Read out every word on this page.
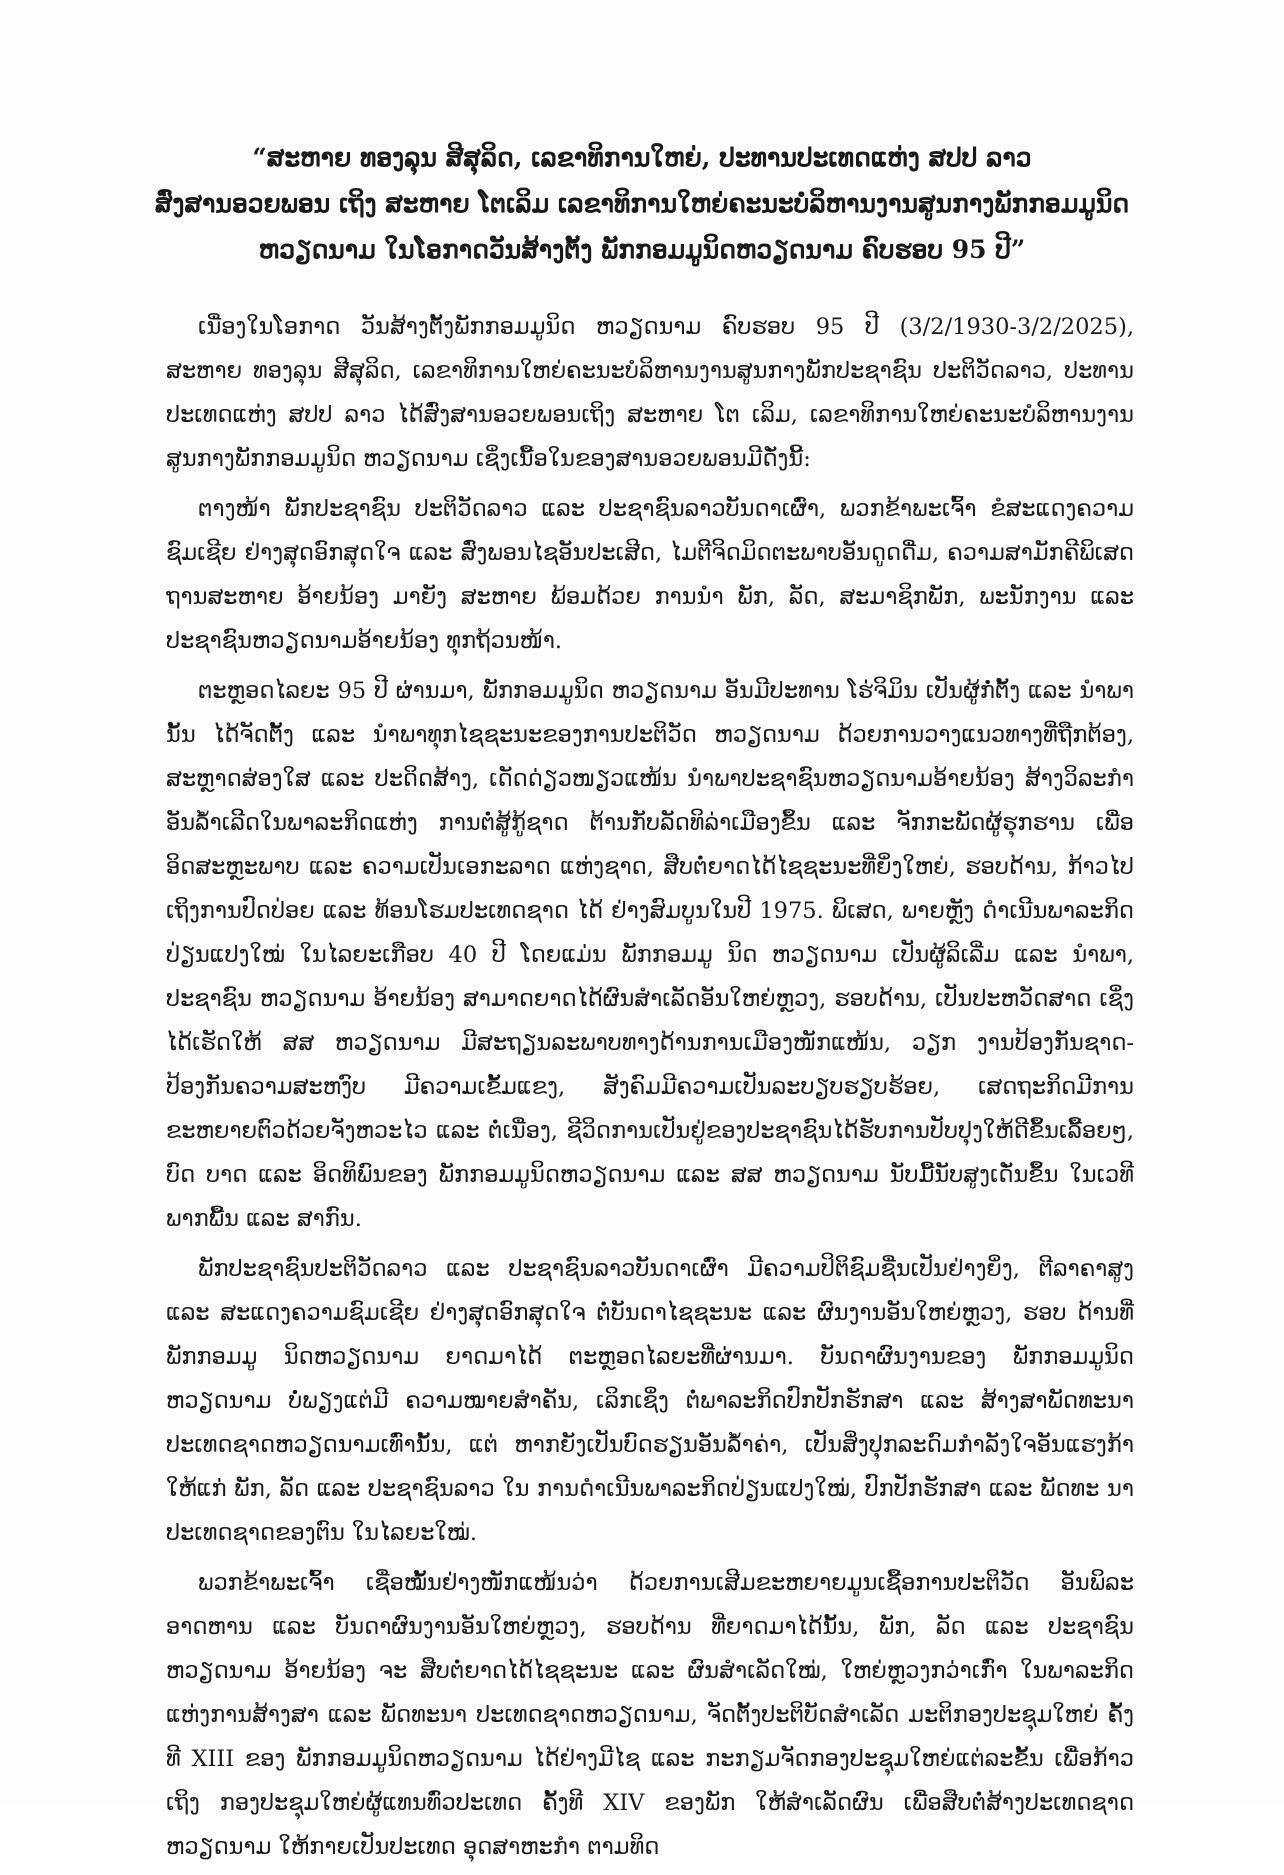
“ສະຫາຍ ທອງລຸນ ສີສຸລິດ, ເລຂາທິການໃຫຍ່, ປະທານປະເທດແຫ່ງ ສປປ ລາວ
ສົ່ງສານອວຍພອນ ເຖິງ ສະຫາຍ ໂຕເລິມ ເລຂາທິການໃຫຍ່ຄະນະບໍລິຫານງານສູນກາງພັກກອມມູນິດ
ຫວຽດນາມ ໃນໂອກາດວັນສ້າງຕັ້ງ ພັກກອມມູນິດຫວຽດນາມ ຄົບຮອບ 95 ປີ”

ເນື່ອງໃນໂອກາດ ວັນສ້າງຕັ້ງພັກກອມມູນິດ ຫວຽດນາມ ຄົບຮອບ 95 ປີ (3/2/1930-3/2/2025), ສະຫາຍ ທອງລຸນ ສີສຸລິດ, ເລຂາທິການໃຫຍ່ຄະນະບໍລິຫານງານສູນກາງພັກປະຊາຊົນ ປະຕິວັດລາວ, ປະທານປະເທດແຫ່ງ ສປປ ລາວ ໄດ້ສົ່ງສານອວຍພອນເຖິງ ສະຫາຍ ໂຕ ເລິມ, ເລຂາທິການໃຫຍ່ຄະນະບໍລິຫານງານສູນກາງພັກກອມມູນິດ ຫວຽດນາມ ເຊິ່ງເນື້ອໃນຂອງສານອວຍພອນມີດັ່ງນີ້:

ຕາງໜ້າ ພັກປະຊາຊົນ ປະຕິວັດລາວ ແລະ ປະຊາຊົນລາວບັນດາເຜົ່າ, ພວກຂ້າພະເຈົ້າ ຂໍສະແດງຄວາມຊົມເຊີຍ ຢ່າງສຸດອົກສຸດໃຈ ແລະ ສົ່ງພອນໄຊອັນປະເສີດ, ໄມຕີຈິດມິດຕະພາບອັນດູດດື່ມ, ຄວາມສາມັກຄີພິເສດ ຖານສະຫາຍ ອ້າຍນ້ອງ ມາຍັງ ສະຫາຍ ພ້ອມດ້ວຍ ການນຳ ພັກ, ລັດ, ສະມາຊິກພັກ, ພະນັກງານ ແລະ ປະຊາຊົນຫວຽດນາມອ້າຍນ້ອງ ທຸກຖ້ວນໜ້າ.

ຕະຫຼອດໄລຍະ 95 ປີ ຜ່ານມາ, ພັກກອມມູນິດ ຫວຽດນາມ ອັນມີປະທານ ໂຮ່ຈິມິນ ເປັນຜູ້ກໍ່ຕັ້ງ ແລະ ນຳພານັ້ນ ໄດ້ຈັດຕັ້ງ ແລະ ນຳພາທຸກໄຊຊະນະຂອງການປະຕິວັດ ຫວຽດນາມ ດ້ວຍການວາງແນວທາງທີ່ຖືກຕ້ອງ, ສະຫຼາດສ່ອງໃສ ແລະ ປະດິດສ້າງ, ເດັດດ່ຽວໜຽວແໜ້ນ ນຳພາປະຊາຊົນຫວຽດນາມອ້າຍນ້ອງ ສ້າງວິລະກຳອັນລ້ຳເລີດໃນພາລະກິດແຫ່ງ ການຕໍ່ສູ້ກູ້ຊາດ ຕ້ານກັບລັດທິລ່າເມືອງຂຶ້ນ ແລະ ຈັກກະພັດຜູ້ຮຸກຮານ ເພື່ອອິດສະຫຼະພາບ ແລະ ຄວາມເປັນເອກະລາດ ແຫ່ງຊາດ, ສືບຕໍ່ຍາດໄດ້ໄຊຊະນະທີ່ຍິ່ງໃຫຍ່, ຮອບດ້ານ, ກ້າວໄປເຖິງການປົດປ່ອຍ ແລະ ທ້ອນໂຮມປະເທດຊາດ ໄດ້ ຢ່າງສົມບູນໃນປີ 1975. ພິເສດ, ພາຍຫຼັງ ດຳເນີນພາລະກິດປ່ຽນແປງໃໝ່ ໃນໄລຍະເກືອບ 40 ປີ ໂດຍແມ່ນ ພັກກອມມູ ນິດ ຫວຽດນາມ ເປັນຜູ້ລິເລີ່ມ ແລະ ນຳພາ, ປະຊາຊົນ ຫວຽດນາມ ອ້າຍນ້ອງ ສາມາດຍາດໄດ້ຜົນສຳເລັດອັນໃຫຍ່ຫຼວງ, ຮອບດ້ານ, ເປັນປະຫວັດສາດ ເຊິ່ງໄດ້ເຮັດໃຫ້ ສສ ຫວຽດນາມ ມີສະຖຽນລະພາບທາງດ້ານການເມືອງໜັກແໜ້ນ, ວຽກ ງານປ້ອງກັນຊາດ-ປ້ອງກັນຄວາມສະຫງົບ ມີຄວາມເຂັ້ມແຂງ, ສັງຄົມມີຄວາມເປັນລະບຽບຮຽບຮ້ອຍ, ເສດຖະກິດມີການ ຂະຫຍາຍຕົວດ້ວຍຈັງຫວະໄວ ແລະ ຕໍ່ເນື່ອງ, ຊີວິດການເປັນຢູ່ຂອງປະຊາຊົນໄດ້ຮັບການປັບປຸງໃຫ້ດີຂຶ້ນເລື້ອຍໆ, ບົດ ບາດ ແລະ ອິດທິພົນຂອງ ພັກກອມມູນິດຫວຽດນາມ ແລະ ສສ ຫວຽດນາມ ນັບມື້ນັບສູງເດັ່ນຂຶ້ນ ໃນເວທີພາກພື້ນ ແລະ ສາກົນ.

ພັກປະຊາຊົນປະຕິວັດລາວ ແລະ ປະຊາຊົນລາວບັນດາເຜົ່າ ມີຄວາມປິຕິຊົມຊື່ນເປັນຢ່າງຍິ່ງ, ຕີລາຄາສູງ ແລະ ສະແດງຄວາມຊົມເຊີຍ ຢ່າງສຸດອົກສຸດໃຈ ຕໍ່ບັນດາໄຊຊະນະ ແລະ ຜົນງານອັນໃຫຍ່ຫຼວງ, ຮອບ ດ້ານທີ່ ພັກກອມມູ ນິດຫວຽດນາມ ຍາດມາໄດ້ ຕະຫຼອດໄລຍະທີ່ຜ່ານມາ. ບັນດາຜົນງານຂອງ ພັກກອມມູນິດຫວຽດນາມ ບໍ່ພຽງແຕ່ມີ ຄວາມໝາຍສຳຄັນ, ເລິກເຊິ່ງ ຕໍ່ພາລະກິດປົກປັກຮັກສາ ແລະ ສ້າງສາພັດທະນາປະເທດຊາດຫວຽດນາມເທົ່ານັ້ນ, ແຕ່ ຫາກຍັງເປັນບົດຮຽນອັນລ້ຳຄ່າ, ເປັນສິ່ງປຸກລະດົມກຳລັງໃຈອັນແຮງກ້າໃຫ້ແກ່ ພັກ, ລັດ ແລະ ປະຊາຊົນລາວ ໃນ ການດຳເນີນພາລະກິດປ່ຽນແປງໃໝ່, ປົກປັກຮັກສາ ແລະ ພັດທະ ນາປະເທດຊາດຂອງຕົນ ໃນໄລຍະໃໝ່.

ພວກຂ້າພະເຈົ້າ ເຊື່ອໝັ້ນຢ່າງໜັກແໜ້ນວ່າ ດ້ວຍການເສີມຂະຫຍາຍມູນເຊື້ອການປະຕິວັດ ອັນພິລະອາດຫານ ແລະ ບັນດາຜົນງານອັນໃຫຍ່ຫຼວງ, ຮອບດ້ານ ທີ່ຍາດມາໄດ້ນັ້ນ, ພັກ, ລັດ ແລະ ປະຊາຊົນຫວຽດນາມ ອ້າຍນ້ອງ ຈະ ສືບຕໍ່ຍາດໄດ້ໄຊຊະນະ ແລະ ຜົນສຳເລັດໃໝ່, ໃຫຍ່ຫຼວງກວ່າເກົ່າ ໃນພາລະກິດແຫ່ງການສ້າງສາ ແລະ ພັດທະນາ ປະເທດຊາດຫວຽດນາມ, ຈັດຕັ້ງປະຕິບັດສຳເລັດ ມະຕິກອງປະຊຸມໃຫຍ່ ຄັ້ງທີ XIII ຂອງ ພັກກອມມູນິດຫວຽດນາມ ໄດ້ຢ່າງມີໄຊ ແລະ ກະກຽມຈັດກອງປະຊຸມໃຫຍ່ແຕ່ລະຂັ້ນ ເພື່ອກ້າວເຖິງ ກອງປະຊຸມໃຫຍ່ຜູ້ແທນທົ່ວປະເທດ ຄັ້ງທີ XIV ຂອງພັກ ໃຫ້ສຳເລັດຜົນ ເພື່ອສືບຕໍ່ສ້າງປະເທດຊາດຫວຽດນາມ ໃຫ້ກາຍເປັນປະເທດ ອຸດສາຫະກຳ ຕາມທິດ
